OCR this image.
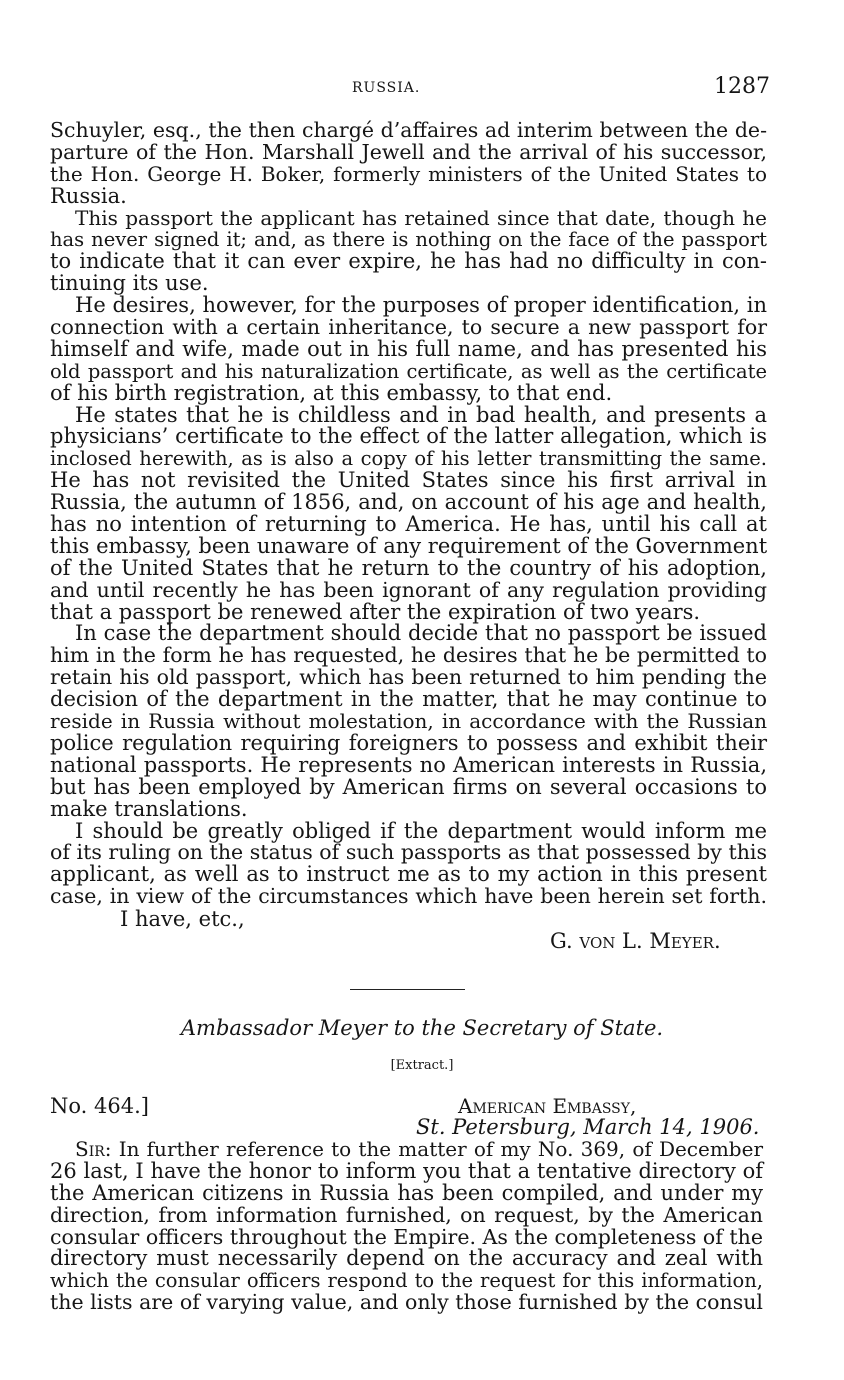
RUSSIA.	1287
Schuyler, esq., the then chargé d’affaires ad interim between the de-
parture of the Hon. Marshall Jewell and the arrival of his successor,
the Hon. George H. Boker, formerly ministers of the United States to
Russia.
This passport the applicant has retained since that date, though he
has never signed it; and, as there is nothing on the face of the passport
to indicate that it can ever expire, he has had no difficulty in con-
tinuing its use.
He desires, however, for the purposes of proper identification, in
connection with a certain inheritance, to secure a new passport for
himself and wife, made out in his full name, and has presented his
old passport and his naturalization certificate, as well as the certificate
of his birth registration, at this embassy, to that end.
He states that he is childless and in bad health, and presents a
physicians’ certificate to the effect of the latter allegation, which is
inclosed herewith, as is also a copy of his letter transmitting the same.
He has not revisited the United States since his first arrival in
Russia, the autumn of 1856, and, on account of his age and health,
has no intention of returning to America. He has, until his call at
this embassy, been unaware of any requirement of the Government
of the United States that he return to the country of his adoption,
and until recently he has been ignorant of any regulation providing
that a passport be renewed after the expiration of two years.
In case the department should decide that no passport be issued
him in the form he has requested, he desires that he be permitted to
retain his old passport, which has been returned to him pending the
decision of the department in the matter, that he may continue to
reside in Russia without molestation, in accordance with the Russian
police regulation requiring foreigners to possess and exhibit their
national passports. He represents no American interests in Russia,
but has been employed by American firms on several occasions to
make translations.
I should be greatly obliged if the department would inform me
of its ruling on the status of such passports as that possessed by this
applicant, as well as to instruct me as to my action in this present
case, in view of the circumstances which have been herein set forth.
I have, etc.,
G. von L. Meyer.
Ambassador Meyer to the Secretary of State.
[Extract.]
No. 464.]	American Embassy,
St. Petersburg, March 14, 1906.
Sir: In further reference to the matter of my No. 369, of December
26 last, I have the honor to inform you that a tentative directory of
the American citizens in Russia has been compiled, and under my
direction, from information furnished, on request, by the American
consular officers throughout the Empire. As the completeness of the
directory must necessarily depend on the accuracy and zeal with
which the consular officers respond to the request for this information,
the lists are of varying value, and only those furnished by the consul
